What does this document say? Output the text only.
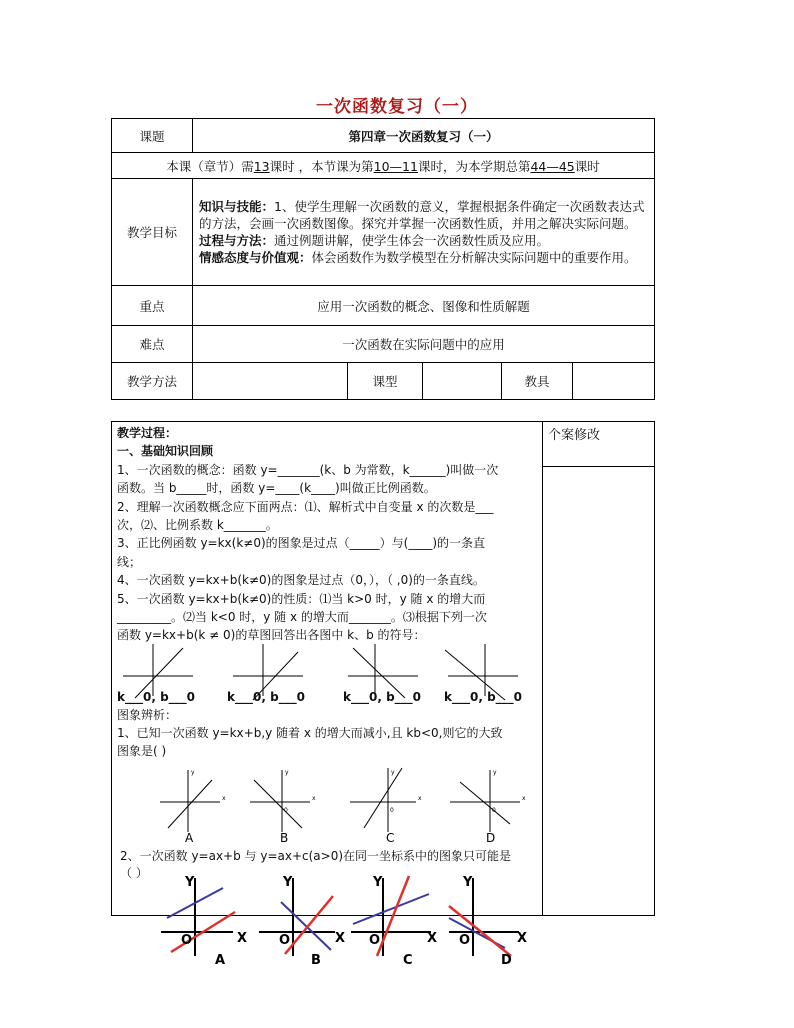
一次函数复习（一）
课题	第四章一次函数复习（一）				
本课（章节）需13课时 ，本节课为第10—11课时，为本学期总第44—45课时					
教学目标	知识与技能：1、使学生理解一次函数的意义，掌握根据条件确定一次函数表达式的方法，会画一次函数图像。探究并掌握一次函数性质，并用之解决实际问题。
过程与方法：通过例题讲解，使学生体会一次函数性质及应用。
情感态度与价值观：体会函数作为数学模型在分析解决实际问题中的重要作用。				
重点	应用一次函数的概念、图像和性质解题				
难点	一次函数在实际问题中的应用				
教学方法		课型		教具	
个案修改

教学过程：

一、基础知识回顾

1、一次函数的概念：函数 y=_______(k、b 为常数，k______)叫做一次

函数。当 b_____时，函数 y=____(k____)叫做正比例函数。

2、理解一次函数概念应下面两点：⑴、解析式中自变量 x 的次数是___

次，⑵、比例系数 k_______。

3、正比例函数 y=kx(k≠0)的图象是过点（_____）与(____)的一条直

线；

4、一次函数 y=kx+b(k≠0)的图象是过点（0，），（ ,0)的一条直线。

5、一次函数 y=kx+b(k≠0)的性质：⑴当 k>0 时，y 随 x 的增大而

_________。⑵当 k<0 时，y 随 x 的增大而_______。⑶根据下列一次

函数 y=kx+b(k ≠ 0)的草图回答出各图中 k、b 的符号：

k___0, b___0	k___0, b___0	k___0, b___0 k___0, b___0
图象辨析：
1、已知一次函数 y=kx+b,y 随着 x 的增大而减小,且 kb<0,则它的大致
图象是( )
y
x
y
x
0
y
x
0
y
x
0
A	B	C	D
2、一次函数 y=ax+b 与 y=ax+c(a>0)在同一坐标系中的图象只可能是
（ ）
Y
X
O
Y
X
O
Y
X
O
Y
X
O
A	B	C	D
